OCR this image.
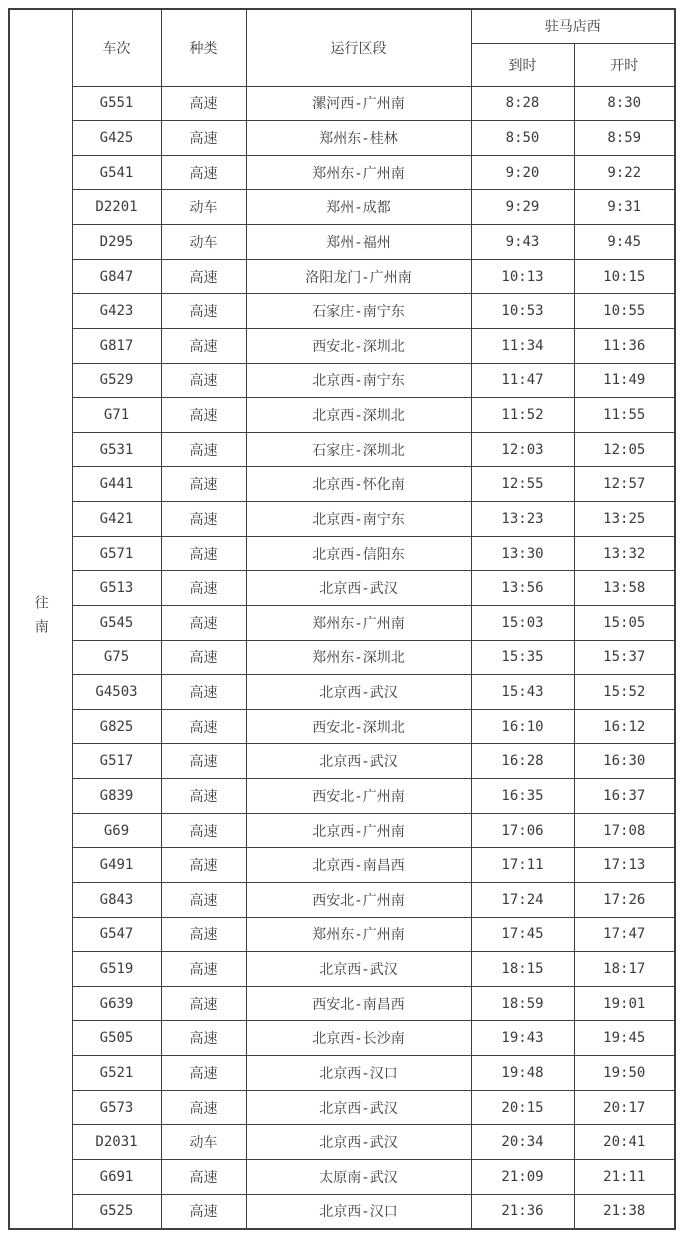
往南	车次	种类	运行区段	驻马店西	
				到时	开时
	G551	高速	漯河西-广州南	8:28	8:30
	G425	高速	郑州东-桂林	8:50	8:59
	G541	高速	郑州东-广州南	9:20	9:22
	D2201	动车	郑州-成都	9:29	9:31
	D295	动车	郑州-福州	9:43	9:45
	G847	高速	洛阳龙门-广州南	10:13	10:15
	G423	高速	石家庄-南宁东	10:53	10:55
	G817	高速	西安北-深圳北	11:34	11:36
	G529	高速	北京西-南宁东	11:47	11:49
	G71	高速	北京西-深圳北	11:52	11:55
	G531	高速	石家庄-深圳北	12:03	12:05
	G441	高速	北京西-怀化南	12:55	12:57
	G421	高速	北京西-南宁东	13:23	13:25
	G571	高速	北京西-信阳东	13:30	13:32
	G513	高速	北京西-武汉	13:56	13:58
	G545	高速	郑州东-广州南	15:03	15:05
	G75	高速	郑州东-深圳北	15:35	15:37
	G4503	高速	北京西-武汉	15:43	15:52
	G825	高速	西安北-深圳北	16:10	16:12
	G517	高速	北京西-武汉	16:28	16:30
	G839	高速	西安北-广州南	16:35	16:37
	G69	高速	北京西-广州南	17:06	17:08
	G491	高速	北京西-南昌西	17:11	17:13
	G843	高速	西安北-广州南	17:24	17:26
	G547	高速	郑州东-广州南	17:45	17:47
	G519	高速	北京西-武汉	18:15	18:17
	G639	高速	西安北-南昌西	18:59	19:01
	G505	高速	北京西-长沙南	19:43	19:45
	G521	高速	北京西-汉口	19:48	19:50
	G573	高速	北京西-武汉	20:15	20:17
	D2031	动车	北京西-武汉	20:34	20:41
	G691	高速	太原南-武汉	21:09	21:11
	G525	高速	北京西-汉口	21:36	21:38
